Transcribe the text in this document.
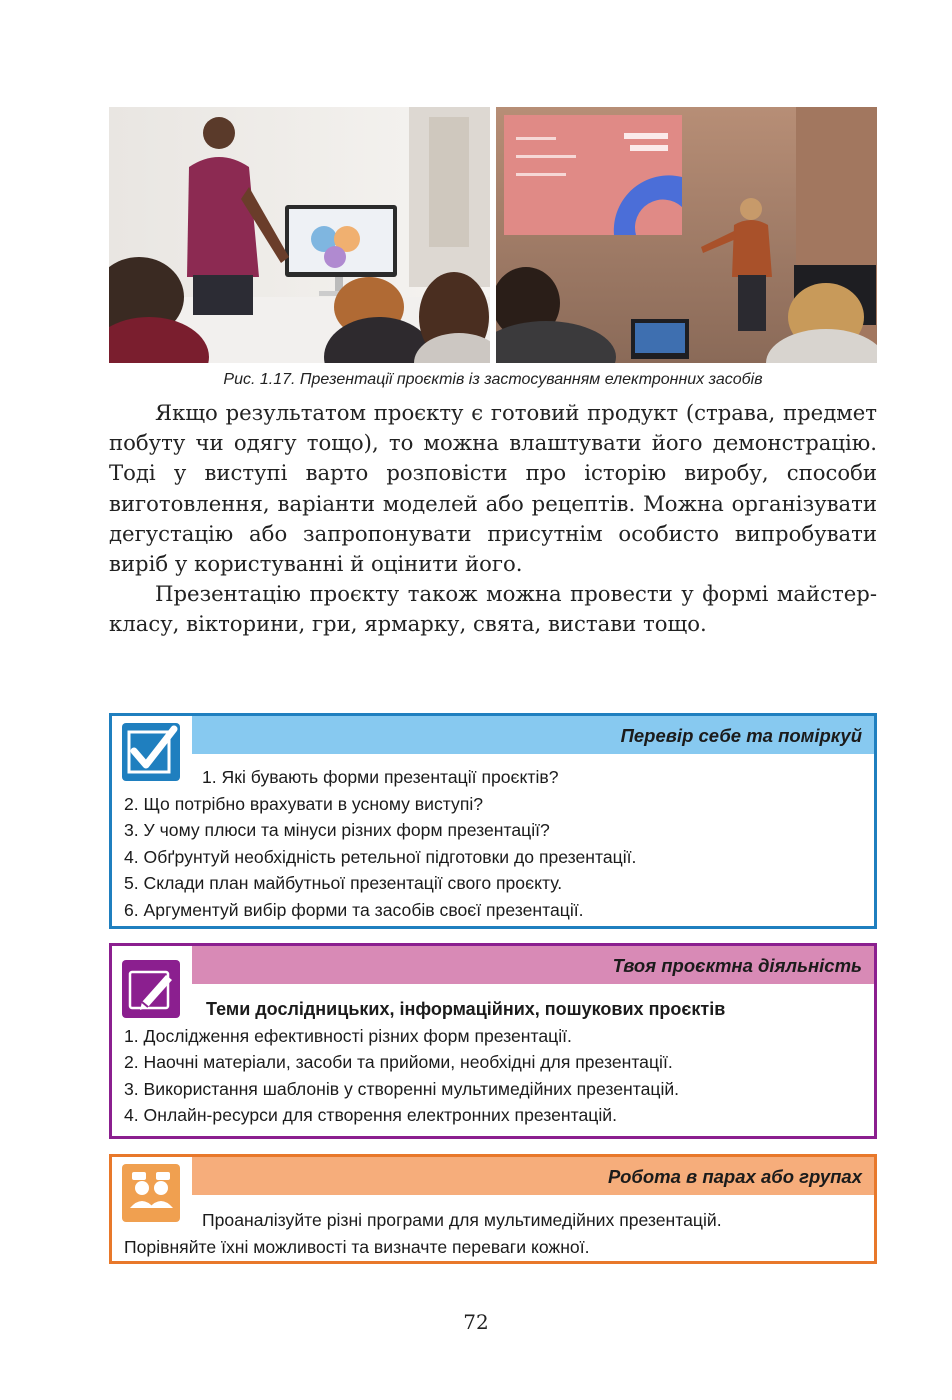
Рис. 1.17. Презентації проєктів із застосуванням електронних засобів

Якщо результатом проєкту є готовий продукт (страва, предмет побуту чи одягу тощо), то можна влаштувати його демонстрацію. Тоді у виступі варто розповісти про історію виробу, способи виготовлення, варіанти моделей або рецептів. Можна організувати дегустацію або запропонувати присутнім особисто випробувати виріб у користуванні й оцінити його.

Презентацію проєкту також можна провести у формі майстер-класу, вікторини, гри, ярмарку, свята, вистави тощо.

Перевір себе та поміркуй
1. Які бувають форми презентації проєктів?
2. Що потрібно врахувати в усному виступі?
3. У чому плюси та мінуси різних форм презентації?
4. Обґрунтуй необхідність ретельної підготовки до презентації.
5. Склади план майбутньої презентації свого проєкту.
6. Аргументуй вибір форми та засобів своєї презентації.
Твоя проєктна діяльність
Теми дослідницьких, інформаційних, пошукових проєктів
1. Дослідження ефективності різних форм презентації.
2. Наочні матеріали, засоби та прийоми, необхідні для презентації.
3. Використання шаблонів у створенні мультимедійних презентацій.
4. Онлайн-ресурси для створення електронних презентацій.
Робота в парах або групах
Проаналізуйте різні програми для мультимедійних презентацій.
Порівняйте їхні можливості та визначте переваги кожної.
72
